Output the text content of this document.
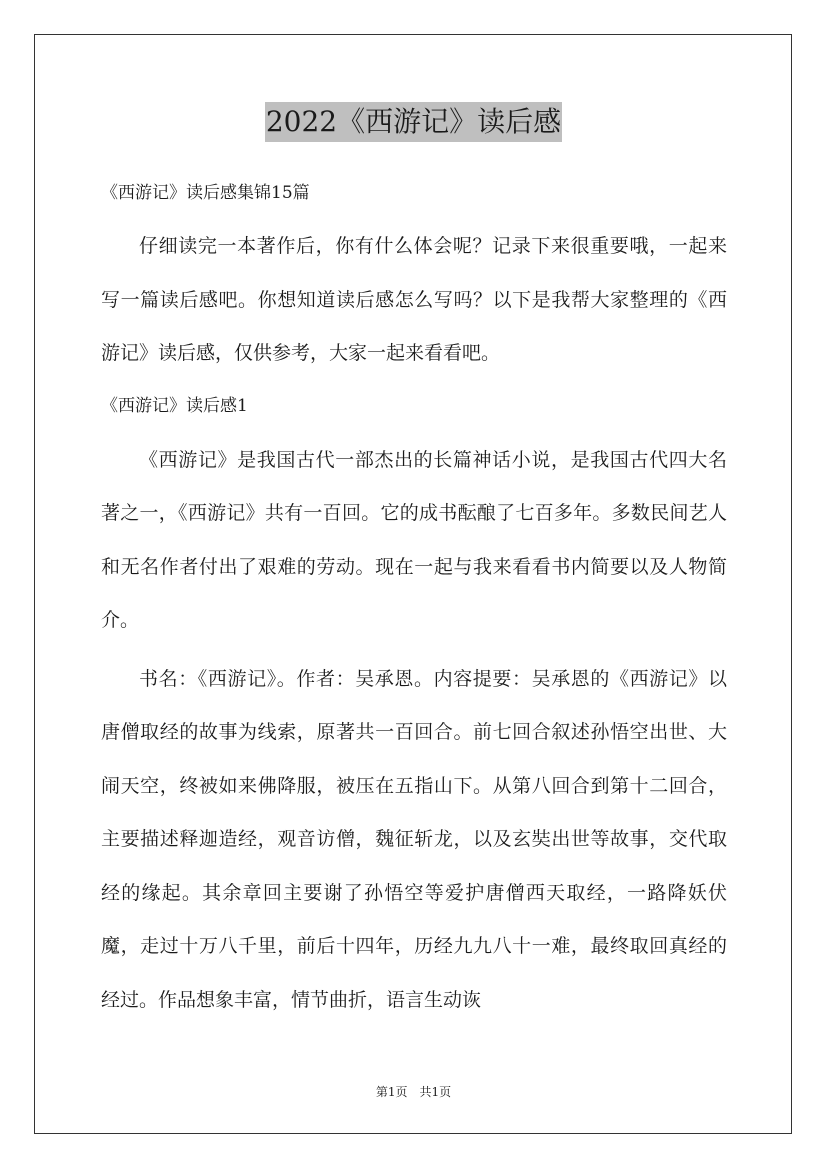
2022《西游记》读后感

《西游记》读后感集锦15篇

仔细读完一本著作后，你有什么体会呢？记录下来很重要哦，一起来写一篇读后感吧。你想知道读后感怎么写吗？以下是我帮大家整理的《西游记》读后感，仅供参考，大家一起来看看吧。

《西游记》读后感1

《西游记》是我国古代一部杰出的长篇神话小说，是我国古代四大名著之一，《西游记》共有一百回。它的成书酝酿了七百多年。多数民间艺人和无名作者付出了艰难的劳动。现在一起与我来看看书内简要以及人物简介。

书名：《西游记》。作者：吴承恩。内容提要：吴承恩的《西游记》以唐僧取经的故事为线索，原著共一百回合。前七回合叙述孙悟空出世、大闹天空，终被如来佛降服，被压在五指山下。从第八回合到第十二回合，主要描述释迦造经，观音访僧，魏征斩龙，以及玄奘出世等故事，交代取经的缘起。其余章回主要谢了孙悟空等爱护唐僧西天取经，一路降妖伏魔，走过十万八千里，前后十四年，历经九九八十一难，最终取回真经的经过。作品想象丰富，情节曲折，语言生动诙

第1页 共1页
